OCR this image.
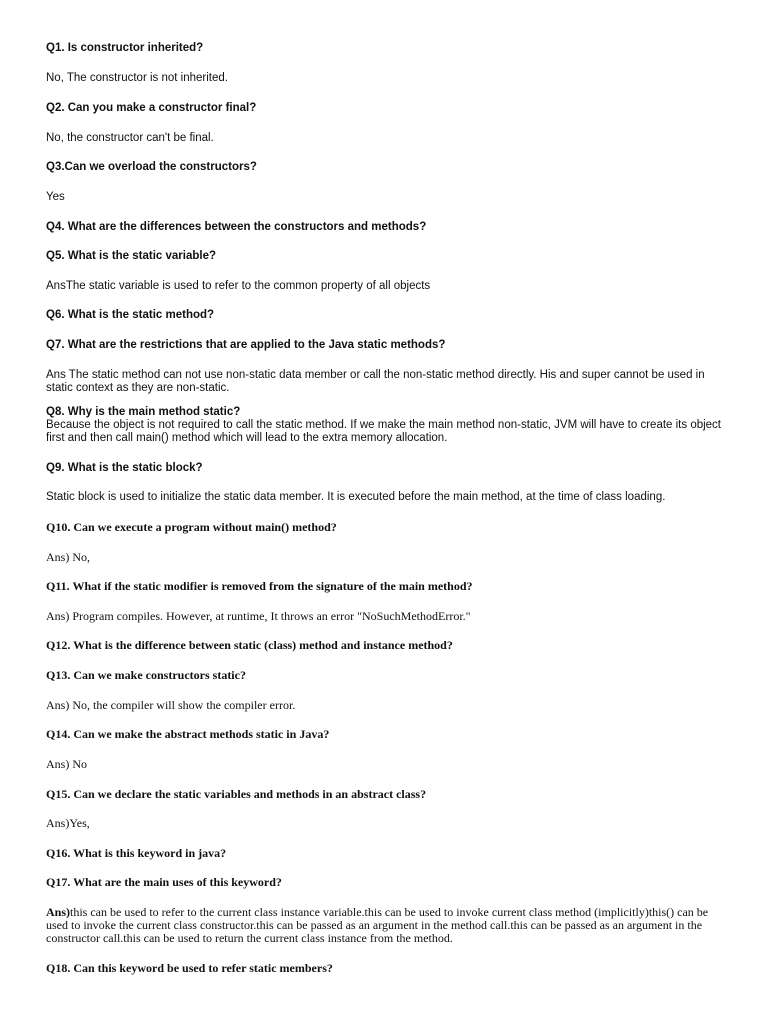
Q1. Is constructor inherited?
No, The constructor is not inherited.
Q2. Can you make a constructor final?
No, the constructor can't be final.
Q3.Can we overload the constructors?
Yes
Q4. What are the differences between the constructors and methods?
Q5. What is the static variable?
AnsThe static variable is used to refer to the common property of all objects
Q6. What is the static method?
Q7. What are the restrictions that are applied to the Java static methods?
Ans The static method can not use non-static data member or call the non-static method directly. His and super cannot be used in static context as they are non-static.
Q8. Why is the main method static?
Because the object is not required to call the static method. If we make the main method non-static, JVM will have to create its object first and then call main() method which will lead to the extra memory allocation.
Q9. What is the static block?
Static block is used to initialize the static data member. It is executed before the main method, at the time of class loading.
Q10. Can we execute a program without main() method?
Ans) No,
Q11. What if the static modifier is removed from the signature of the main method?
Ans) Program compiles. However, at runtime, It throws an error "NoSuchMethodError."
Q12. What is the difference between static (class) method and instance method?
Q13. Can we make constructors static?
Ans) No, the compiler will show the compiler error.
Q14. Can we make the abstract methods static in Java?
Ans) No
Q15. Can we declare the static variables and methods in an abstract class?
Ans)Yes,
Q16. What is this keyword in java?
Q17. What are the main uses of this keyword?
Ans)this can be used to refer to the current class instance variable.this can be used to invoke current class method (implicitly)this() can be used to invoke the current class constructor.this can be passed as an argument in the method call.this can be passed as an argument in the constructor call.this can be used to return the current class instance from the method.
Q18. Can this keyword be used to refer static members?
